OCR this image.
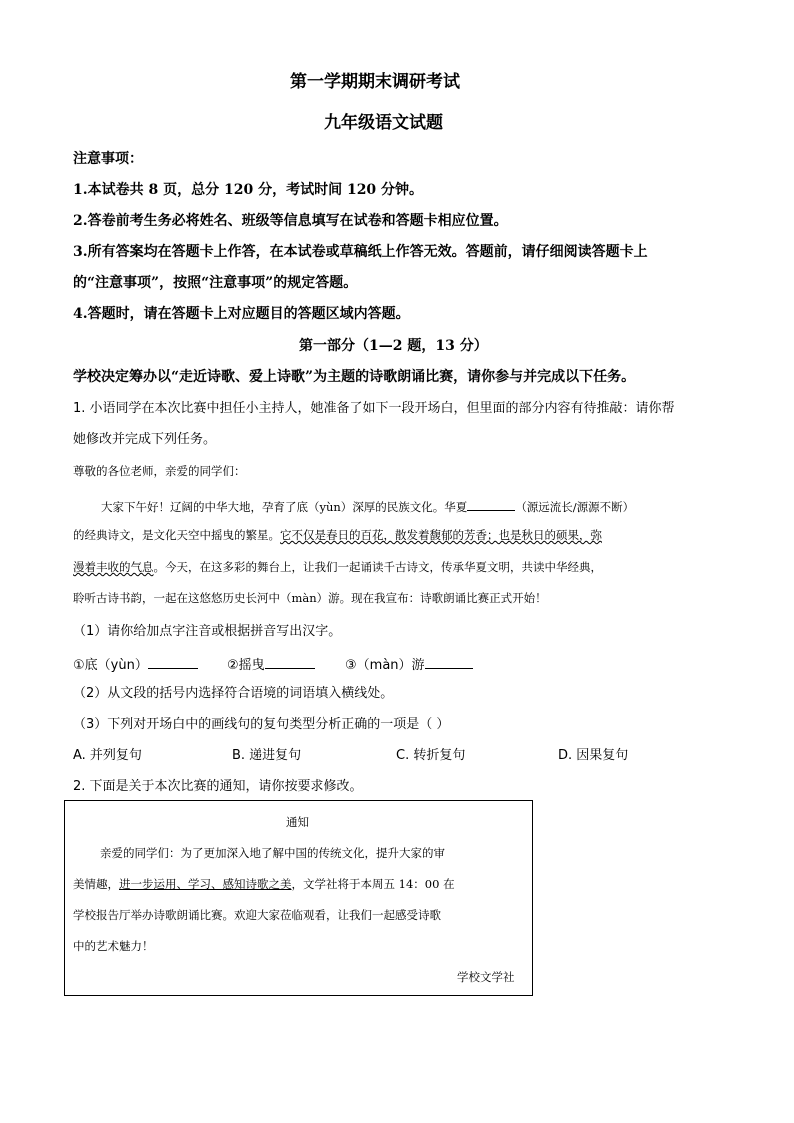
第一学期期末调研考试
九年级语文试题
注意事项：
1.本试卷共 8 页，总分 120 分，考试时间 120 分钟。
2.答卷前考生务必将姓名、班级等信息填写在试卷和答题卡相应位置。
3.所有答案均在答题卡上作答，在本试卷或草稿纸上作答无效。答题前，请仔细阅读答题卡上
的“注意事项”，按照“注意事项”的规定答题。
4.答题时，请在答题卡上对应题目的答题区域内答题。
第一部分（1—2 题，13 分）
学校决定筹办以“走近诗歌、爱上诗歌”为主题的诗歌朗诵比赛，请你参与并完成以下任务。
1. 小语同学在本次比赛中担任小主持人，她准备了如下一段开场白，但里面的部分内容有待推敲：请你帮
她修改并完成下列任务。
尊敬的各位老师，亲爱的同学们：
大家下午好！辽阔的中华大地，孕育了底（yùn）深厚的民族文化。华夏	（源远流长/源源不断）
的经典诗文，是文化天空中摇曳的繁星。它不仅是春日的百花，散发着馥郁的芳香；也是秋日的硕果，弥
漫着丰收的气息。今天，在这多彩的舞台上，让我们一起诵读千古诗文，传承华夏文明，共读中华经典，
聆听古诗书韵，一起在这悠悠历史长河中（màn）游。现在我宣布：诗歌朗诵比赛正式开始！
（1）请你给加点字注音或根据拼音写出汉字。
①底（yùn）	②摇曳	③（màn）游
（2）从文段的括号内选择符合语境的词语填入横线处。
（3）下列对开场白中的画线句的复句类型分析正确的一项是（ ）
A. 并列复句	B. 递进复句	C. 转折复句	D. 因果复句
2. 下面是关于本次比赛的通知，请你按要求修改。
通知
亲爱的同学们：为了更加深入地了解中国的传统文化，提升大家的审
美情趣，进一步运用、学习、感知诗歌之美，文学社将于本周五 14：00 在
学校报告厅举办诗歌朗诵比赛。欢迎大家莅临观看，让我们一起感受诗歌
中的艺术魅力！
学校文学社
